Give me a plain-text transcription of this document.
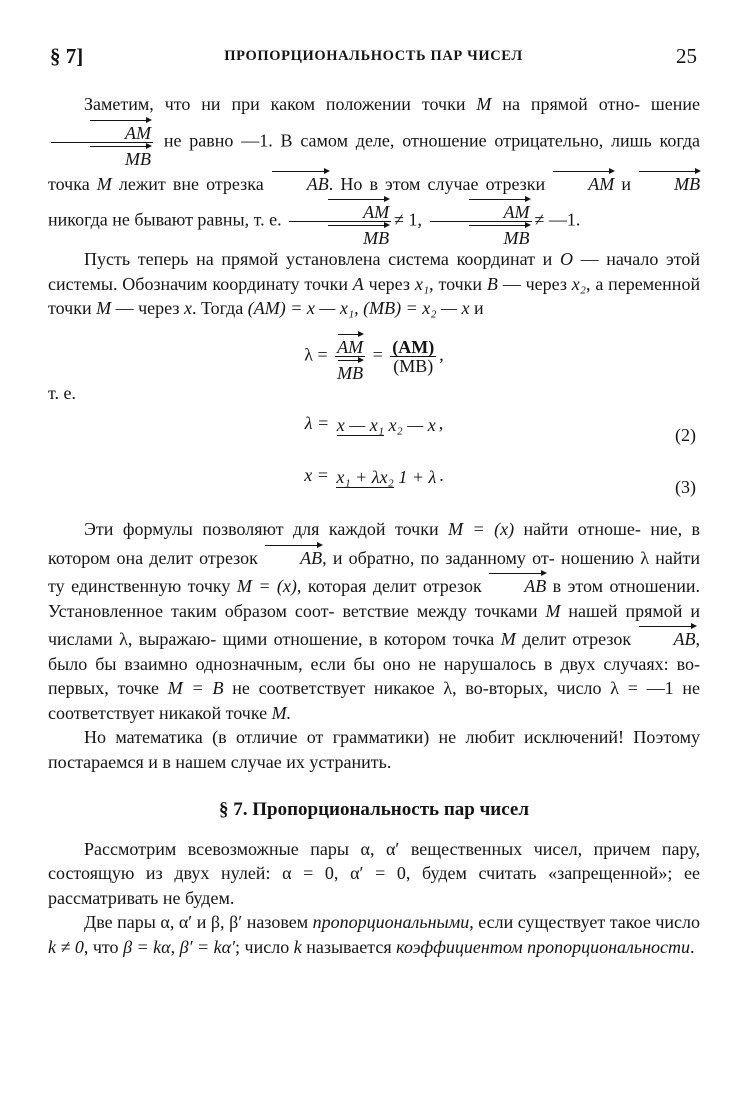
§ 7]	ПРОПОРЦИОНАЛЬНОСТЬ ПАР ЧИСЕЛ	25

Заметим, что ни при каком положении точки M на прямой отно- шение
$\frac{AM}{MB}$ не равно —1. В самом деле, отношение отрицательно, лишь когда точка M лежит вне отрезка AB. Но в этом случае отрезки AM и MB никогда не бывают равны, т. е. $\frac{AM}{MB} \ne 1$, $\frac{AM}{MB}$ ≠ —1.

Пусть теперь на прямой установлена система координат и O — начало этой системы. Обозначим координату точки A через x₁, точки B — через x₂, а переменной точки M — через x. Тогда (AM) = x — x₁, (MB) = x₂ — x и

$\lambda = \frac{AM}{MB} = \frac{(AM)}{(MB)}$ ,

т. е.

λ = x — x₁ x₂ — x ,
(2)
x = x₁ + λx₂ 1 + λ .
(3)

Эти формулы позволяют для каждой точки M = (x) найти отноше- ние, в котором она делит отрезок AB, и обратно, по заданному от- ношению λ найти ту единственную точку M = (x), которая делит отрезок AB в этом отношении. Установленное таким образом соот- ветствие между точками M нашей прямой и числами λ, выражаю- щими отношение, в котором точка M делит отрезок AB, было бы взаимно однозначным, если бы оно не нарушалось в двух случаях: во-первых, точке M = B не соответствует никакое λ, во-вторых, число λ = —1 не соответствует никакой точке M.

Но математика (в отличие от грамматики) не любит исключений! Поэтому постараемся и в нашем случае их устранить.

§ 7. Пропорциональность пар чисел

Рассмотрим всевозможные пары α, α′ вещественных чисел, причем пару, состоящую из двух нулей: α = 0, α′ = 0, будем считать «запрещенной»; ее рассматривать не будем.

Две пары α, α′ и β, β′ назовем пропорциональными, если существует такое число k ≠ 0, что β = kα, β′ = kα′; число k называется коэффициентом пропорциональности.
